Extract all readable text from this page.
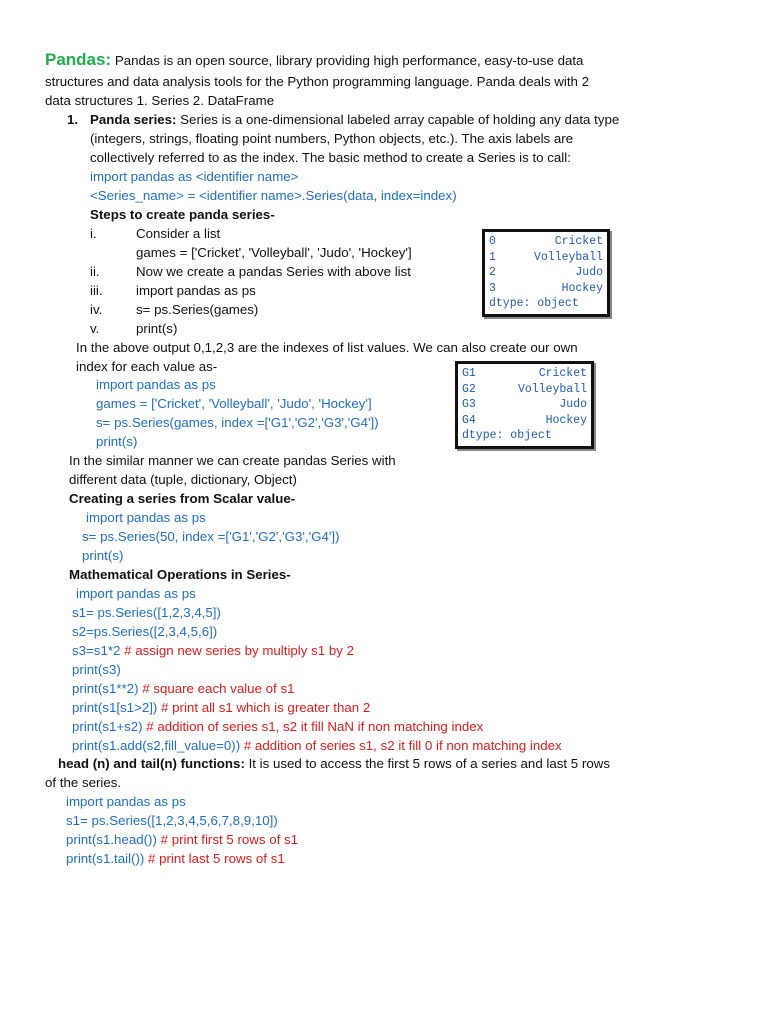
Pandas: Pandas is an open source, library providing high performance, easy-to-use data
structures and data analysis tools for the Python programming language. Panda deals with 2
data structures 1. Series 2. DataFrame
1. Panda series: Series is a one-dimensional labeled array capable of holding any data type
(integers, strings, floating point numbers, Python objects, etc.). The axis labels are
collectively referred to as the index. The basic method to create a Series is to call:
import pandas as <identifier name>
<Series_name> = <identifier name>.Series(data, index=index)
Steps to create panda series-
i.	Consider a list
games = ['Cricket', 'Volleyball', 'Judo', 'Hockey']
ii.	Now we create a pandas Series with above list
iii.	import pandas as ps
iv.	s= ps.Series(games)
v.	print(s)
0	Cricket
1	Volleyball
2	Judo
3	Hockey
dtype: object
In the above output 0,1,2,3 are the indexes of list values. We can also create our own
index for each value as-
import pandas as ps
games = ['Cricket', 'Volleyball', 'Judo', 'Hockey']
s= ps.Series(games, index =['G1','G2','G3','G4'])
print(s)
G1	Cricket
G2	Volleyball
G3	Judo
G4	Hockey
dtype: object
In the similar manner we can create pandas Series with
different data (tuple, dictionary, Object)
Creating a series from Scalar value-
import pandas as ps
s= ps.Series(50, index =['G1','G2','G3','G4'])
print(s)
Mathematical Operations in Series-
import pandas as ps
s1= ps.Series([1,2,3,4,5])
s2=ps.Series([2,3,4,5,6])
s3=s1*2 # assign new series by multiply s1 by 2
print(s3)
print(s1**2) # square each value of s1
print(s1[s1>2]) # print all s1 which is greater than 2
print(s1+s2) # addition of series s1, s2 it fill NaN if non matching index
print(s1.add(s2,fill_value=0)) # addition of series s1, s2 it fill 0 if non matching index
head (n) and tail(n) functions: It is used to access the first 5 rows of a series and last 5 rows
of the series.
import pandas as ps
s1= ps.Series([1,2,3,4,5,6,7,8,9,10])
print(s1.head()) # print first 5 rows of s1
print(s1.tail()) # print last 5 rows of s1
